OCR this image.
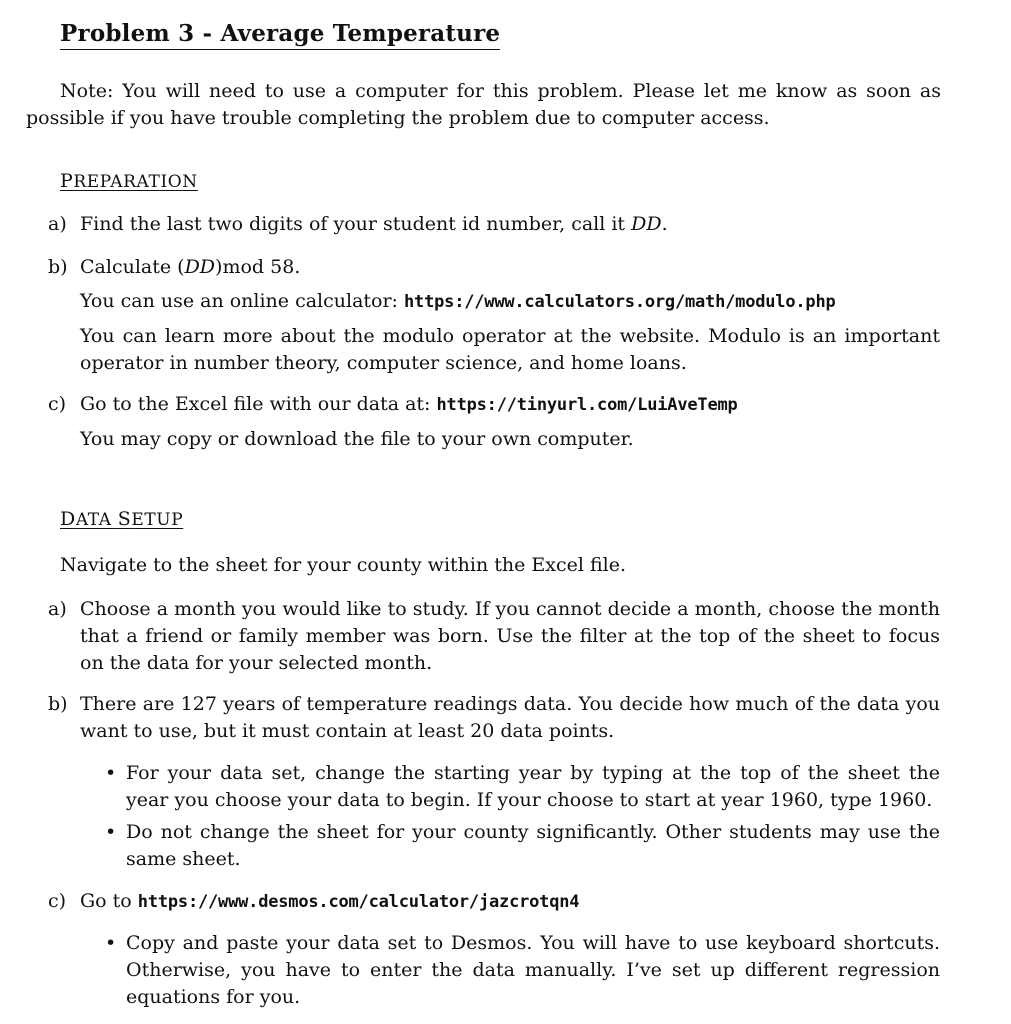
Problem 3 - Average Temperature
Note: You will need to use a computer for this problem. Please let me know as soon as possible if you have trouble completing the problem due to computer access.
PREPARATION
a) Find the last two digits of your student id number, call it DD.
b) Calculate (DD)mod 58.
You can use an online calculator: https://www.calculators.org/math/modulo.php
You can learn more about the modulo operator at the website. Modulo is an important operator in number theory, computer science, and home loans.
c) Go to the Excel file with our data at: https://tinyurl.com/LuiAveTemp
You may copy or download the file to your own computer.
DATA SETUP
Navigate to the sheet for your county within the Excel file.
a) Choose a month you would like to study. If you cannot decide a month, choose the month that a friend or family member was born. Use the filter at the top of the sheet to focus on the data for your selected month.
b) There are 127 years of temperature readings data. You decide how much of the data you want to use, but it must contain at least 20 data points.
• For your data set, change the starting year by typing at the top of the sheet the year you choose your data to begin. If your choose to start at year 1960, type 1960.
• Do not change the sheet for your county significantly. Other students may use the same sheet.
c) Go to https://www.desmos.com/calculator/jazcrotqn4
• Copy and paste your data set to Desmos. You will have to use keyboard shortcuts. Otherwise, you have to enter the data manually. I’ve set up different regression equations for you.
